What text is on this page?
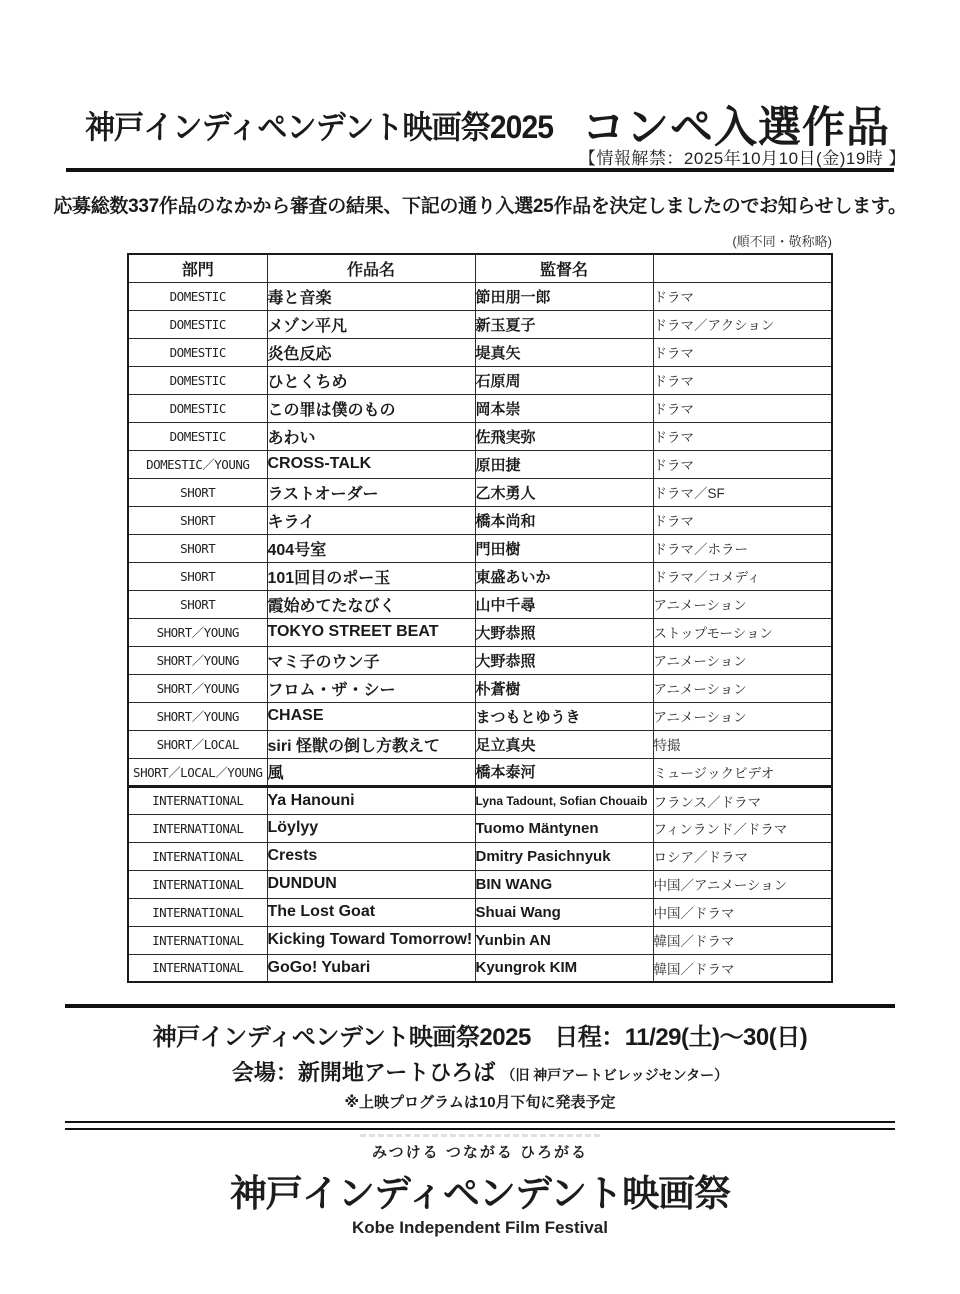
【情報解禁：2025年10月10日(金)19時 】
神戸インディペンデント映画祭2025 コンペ入選作品
応募総数337作品のなかから審査の結果、下記の通り入選25作品を決定しましたのでお知らせします。
(順不同・敬称略)
部門	作品名	監督名	
DOMESTIC	毒と音楽	節田朋一郎	ドラマ
DOMESTIC	メゾン平凡	新玉夏子	ドラマ／アクション
DOMESTIC	炎色反応	堤真矢	ドラマ
DOMESTIC	ひとくちめ	石原周	ドラマ
DOMESTIC	この罪は僕のもの	岡本崇	ドラマ
DOMESTIC	あわい	佐飛実弥	ドラマ
DOMESTIC／YOUNG	CROSS-TALK	原田捷	ドラマ
SHORT	ラストオーダー	乙木勇人	ドラマ／SF
SHORT	キライ	橋本尚和	ドラマ
SHORT	404号室	門田樹	ドラマ／ホラー
SHORT	101回目のポー玉	東盛あいか	ドラマ／コメディ
SHORT	霞始めてたなびく	山中千尋	アニメーション
SHORT／YOUNG	TOKYO STREET BEAT	大野恭照	ストップモーション
SHORT／YOUNG	マミ子のウン子	大野恭照	アニメーション
SHORT／YOUNG	フロム・ザ・シー	朴蒼樹	アニメーション
SHORT／YOUNG	CHASE	まつもとゆうき	アニメーション
SHORT／LOCAL	siri 怪獣の倒し方教えて	足立真央	特撮
SHORT／LOCAL／YOUNG	風	橋本泰河	ミュージックビデオ
INTERNATIONAL	Ya Hanouni	Lyna Tadount, Sofian Chouaib	フランス／ドラマ
INTERNATIONAL	Löylyy	Tuomo Mäntynen	フィンランド／ドラマ
INTERNATIONAL	Crests	Dmitry Pasichnyuk	ロシア／ドラマ
INTERNATIONAL	DUNDUN	BIN WANG	中国／アニメーション
INTERNATIONAL	The Lost Goat	Shuai Wang	中国／ドラマ
INTERNATIONAL	Kicking Toward Tomorrow!	Yunbin AN	韓国／ドラマ
INTERNATIONAL	GoGo! Yubari	Kyungrok KIM	韓国／ドラマ
神戸インディペンデント映画祭2025　日程：11/29(土)～30(日)
会場：新開地アートひろば （旧 神戸アートビレッジセンター）
※上映プログラムは10月下旬に発表予定
みつける つながる ひろがる
神戸インディペンデント映画祭
Kobe Independent Film Festival
